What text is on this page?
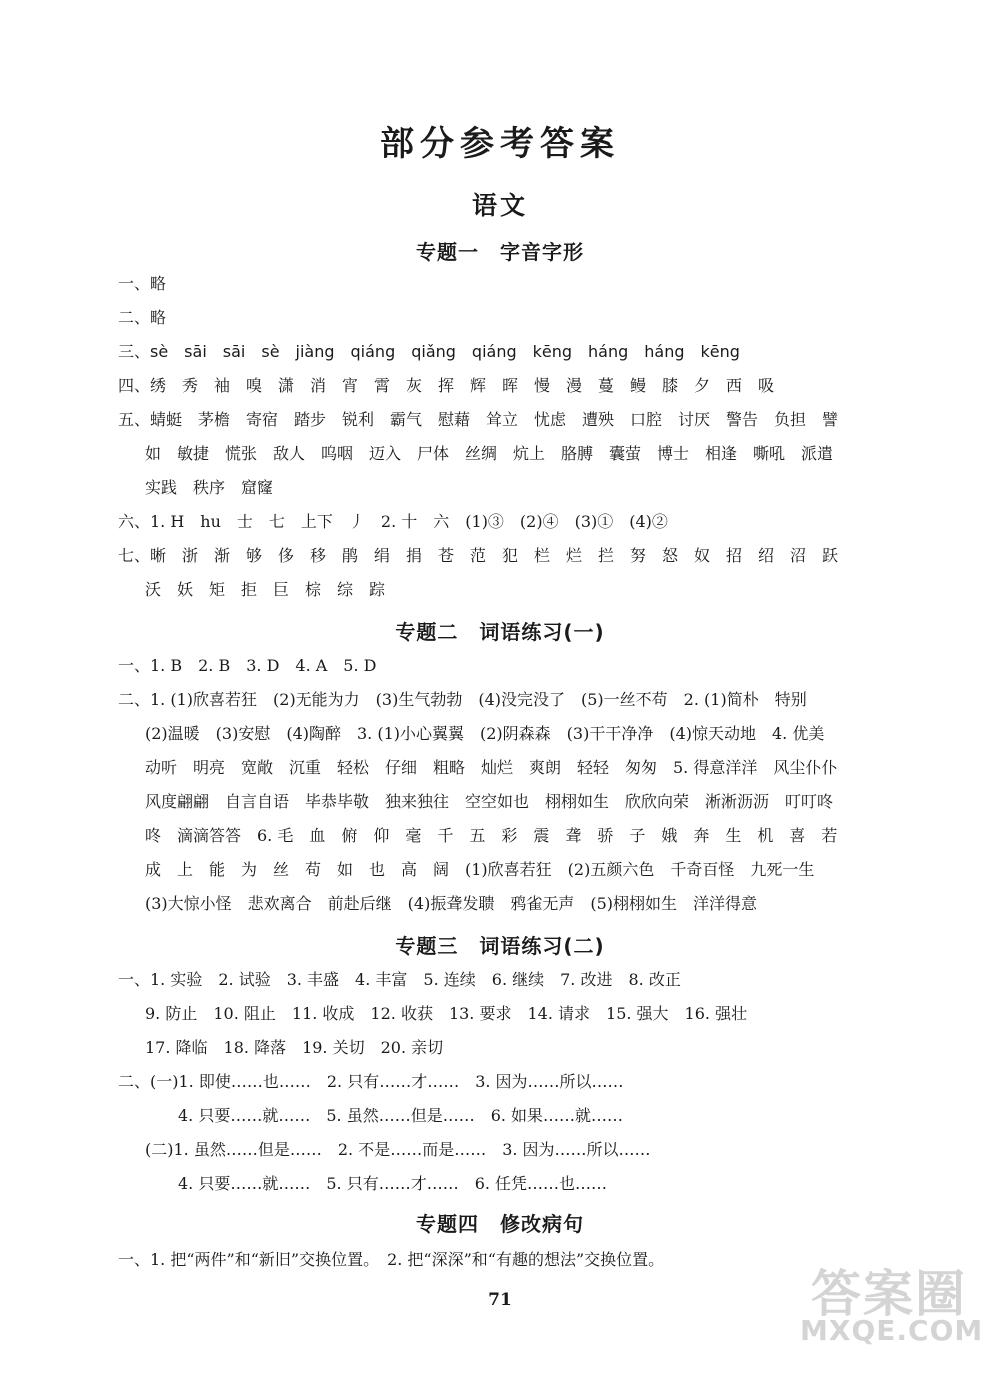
部分参考答案
语文
专题一　字音字形
一、略
二、略
三、sè　sāi　sāi　sè　jiàng　qiáng　qiǎng　qiáng　kēng　háng　háng　kēng
四、绣　秀　袖　嗅　潇　消　宵　霄　灰　挥　辉　晖　慢　漫　蔓　鳗　膝　夕　西　吸
五、蜻蜓　茅檐　寄宿　踏步　锐利　霸气　慰藉　耸立　忧虑　遭殃　口腔　讨厌　警告　负担　譬
如　敏捷　慌张　敌人　呜咽　迈入　尸体　丝绸　炕上　胳膊　囊萤　博士　相逢　嘶吼　派遣
实践　秩序　窟窿
六、1. H　hu　士　七　上下　丿　2. 十　六　(1)③　(2)④　(3)①　(4)②
七、晰　浙　渐　够　侈　移　鹃　绢　捐　苍　范　犯　栏　烂　拦　努　怒　奴　招　绍　沼　跃
沃　妖　矩　拒　巨　棕　综　踪
专题二　词语练习(一)
一、1. B　2. B　3. D　4. A　5. D
二、1. (1)欣喜若狂　(2)无能为力　(3)生气勃勃　(4)没完没了　(5)一丝不苟　2. (1)简朴　特别
(2)温暖　(3)安慰　(4)陶醉　3. (1)小心翼翼　(2)阴森森　(3)干干净净　(4)惊天动地　4. 优美
动听　明亮　宽敞　沉重　轻松　仔细　粗略　灿烂　爽朗　轻轻　匆匆　5. 得意洋洋　风尘仆仆
风度翩翩　自言自语　毕恭毕敬　独来独往　空空如也　栩栩如生　欣欣向荣　淅淅沥沥　叮叮咚
咚　滴滴答答　6. 毛　血　俯　仰　毫　千　五　彩　震　聋　骄　子　娥　奔　生　机　喜　若
成　上　能　为　丝　苟　如　也　高　阔　(1)欣喜若狂　(2)五颜六色　千奇百怪　九死一生
(3)大惊小怪　悲欢离合　前赴后继　(4)振聋发聩　鸦雀无声　(5)栩栩如生　洋洋得意
专题三　词语练习(二)
一、1. 实验　2. 试验　3. 丰盛　4. 丰富　5. 连续　6. 继续　7. 改进　8. 改正
9. 防止　10. 阻止　11. 收成　12. 收获　13. 要求　14. 请求　15. 强大　16. 强壮
17. 降临　18. 降落　19. 关切　20. 亲切
二、(一)1. 即使……也……　2. 只有……才……　3. 因为……所以……
4. 只要……就……　5. 虽然……但是……　6. 如果……就……
(二)1. 虽然……但是……　2. 不是……而是……　3. 因为……所以……
4. 只要……就……　5. 只有……才……　6. 任凭……也……
专题四　修改病句
一、1. 把“两件”和“新旧”交换位置。　2. 把“深深”和“有趣的想法”交换位置。
71	答案圈
MXQE.COM
